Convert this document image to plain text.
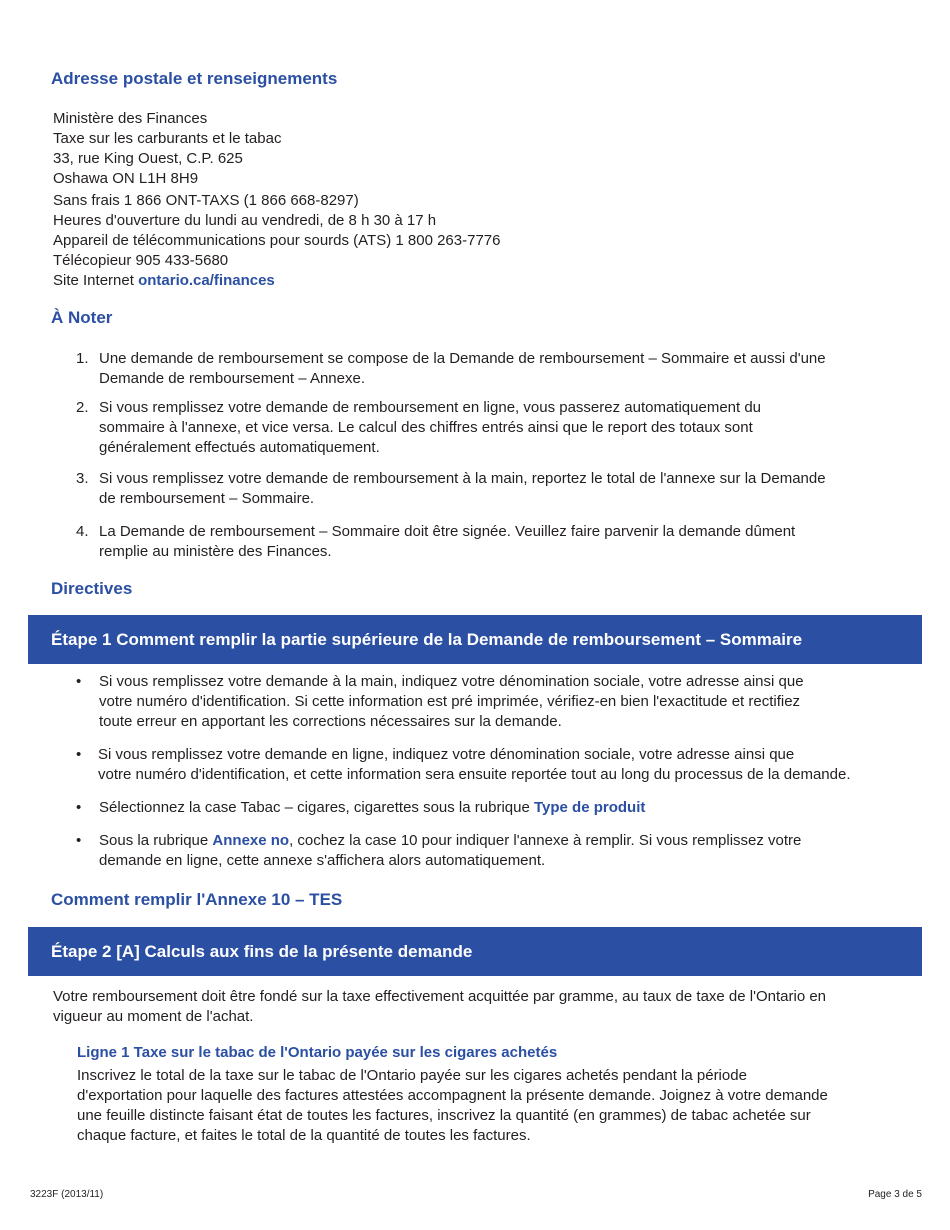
Adresse postale et renseignements
Ministère des Finances
Taxe sur les carburants et le tabac
33, rue King Ouest, C.P. 625
Oshawa ON L1H 8H9
Sans frais 1 866 ONT-TAXS (1 866 668-8297)
Heures d'ouverture du lundi au vendredi, de 8 h 30 à 17 h
Appareil de télécommunications pour sourds (ATS) 1 800 263-7776
Télécopieur 905 433-5680
Site Internet ontario.ca/finances
À Noter
1. Une demande de remboursement se compose de la Demande de remboursement – Sommaire et aussi d'une
Demande de remboursement – Annexe.
2. Si vous remplissez votre demande de remboursement en ligne, vous passerez automatiquement du
sommaire à l'annexe, et vice versa. Le calcul des chiffres entrés ainsi que le report des totaux sont
généralement effectués automatiquement.
3. Si vous remplissez votre demande de remboursement à la main, reportez le total de l'annexe sur la Demande
de remboursement – Sommaire.
4. La Demande de remboursement – Sommaire doit être signée. Veuillez faire parvenir la demande dûment
remplie au ministère des Finances.
Directives
Étape 1 Comment remplir la partie supérieure de la Demande de remboursement – Sommaire
• Si vous remplissez votre demande à la main, indiquez votre dénomination sociale, votre adresse ainsi que
votre numéro d'identification. Si cette information est pré imprimée, vérifiez-en bien l'exactitude et rectifiez
toute erreur en apportant les corrections nécessaires sur la demande.
• Si vous remplissez votre demande en ligne, indiquez votre dénomination sociale, votre adresse ainsi que
votre numéro d'identification, et cette information sera ensuite reportée tout au long du processus de la demande.
• Sélectionnez la case Tabac – cigares, cigarettes sous la rubrique Type de produit
• Sous la rubrique Annexe no, cochez la case 10 pour indiquer l'annexe à remplir. Si vous remplissez votre
demande en ligne, cette annexe s'affichera alors automatiquement.
Comment remplir l'Annexe 10 – TES
Étape 2 [A] Calculs aux fins de la présente demande
Votre remboursement doit être fondé sur la taxe effectivement acquittée par gramme, au taux de taxe de l'Ontario en
vigueur au moment de l'achat.
Ligne 1 Taxe sur le tabac de l'Ontario payée sur les cigares achetés
Inscrivez le total de la taxe sur le tabac de l'Ontario payée sur les cigares achetés pendant la période
d'exportation pour laquelle des factures attestées accompagnent la présente demande. Joignez à votre demande
une feuille distincte faisant état de toutes les factures, inscrivez la quantité (en grammes) de tabac achetée sur
chaque facture, et faites le total de la quantité de toutes les factures.
3223F (2013/11)	Page 3 de 5
